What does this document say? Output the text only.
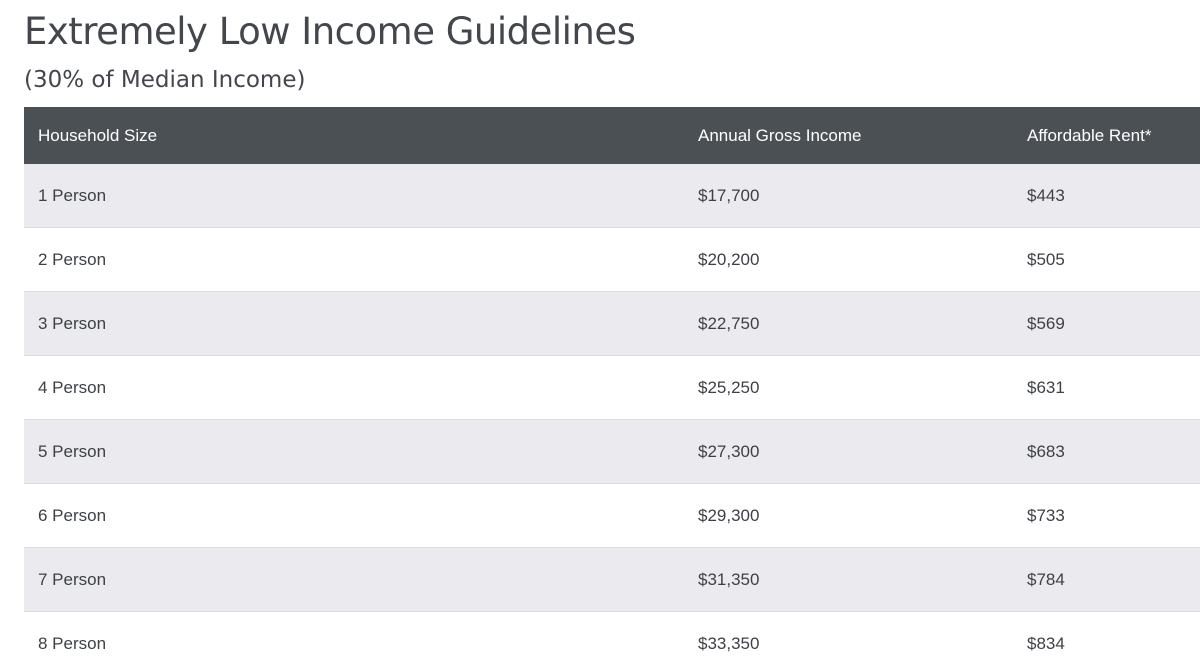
Extremely Low Income Guidelines
(30% of Median Income)
Household Size	Annual Gross Income	Affordable Rent*
1 Person	$17,700	$443
2 Person	$20,200	$505
3 Person	$22,750	$569
4 Person	$25,250	$631
5 Person	$27,300	$683
6 Person	$29,300	$733
7 Person	$31,350	$784
8 Person	$33,350	$834
